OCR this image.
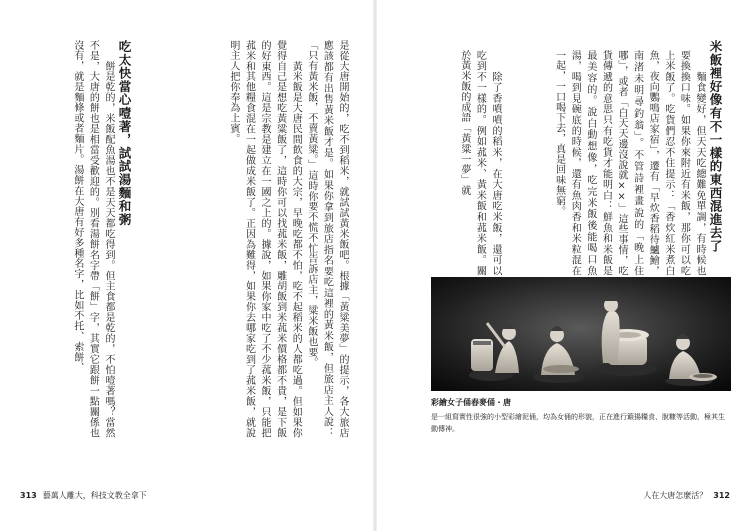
是從大唐開始的，吃不到稻米，就試試黃米飯吧。根據「黃粱美夢」的提示，各大旅店應該都有出售黃米飯才是。如果你拿到旅店指名要吃這裡的黃米飯，但旅店主人說：「只有黃米飯，不賣黃粱。」這時你要不慌不忙告訴店主，粱米飯也要。

　　黃米飯是大唐民間飲食的大宗，早晚吃都不怕，吃不起稻米的人都吃過。但如果你覺得自己是想吃黃粱飯了，這時你可以找菰米飯，雕胡飯到米菰米價格都不貴，是下飯的好東西。這是宗教是建立在一國之上的。據說，如果你家中吃了不少菰米飯，只能把菰米和其他糧食混在一起做成米飯了。正因為難得，如果你去哪家吃到了菰米飯，就說明主人把你奉為上賓。

吃太快當心噎著，試試湯麵和粥

　　餅是乾的，米飯配魚湯也不是天天都吃得到。但主食都是乾的，不怕噎著嗎？當然不是，大唐的餅也是相當受歡迎的。別看湯餅名字帶「餅」字，其實它跟餅一點關係也沒有，就是麵條或者麵片。湯餅在大唐有好多種名字，比如不托、索餅、

313 藝萬人離大，科技文教全拿下
米飯裡好像有不一樣的東西混進去了

　　麵食變好，但天天吃總難免單調，有時候也要換換口味。如果你來附近有米飯，那你可以吃上米飯了。吃貨們忍不住提示：「香炊紅米煮白魚，夜向鸚鳴店家宿」，遷有「早炊香稻待鱸鱠，南渚未明尋釣翁」。不管詩裡畫說的「晚上住哪」，或者「白天天邊沒說就××」這些事情，吃貨傳遞的意思只有吃貨才能明白：鮮魚和米飯是最美容的。說白動想像，吃完米飯後能喝口魚湯，喝到見碗底的時候，還有魚肉香和米粒混在一起，一口喝下去，真是回味無窮。

　　除了香噴噴的稻米，在大唐吃米飯，還可以吃到不一樣的。例如菰米、黃米飯和菰米飯。關於黃米飯的成語「黃粱一夢」就

彩繪女子俑舂麥俑・唐
是一組寫實性很強的小型彩繪泥俑，均為女俑的形貌，正在進行簸揚糧食、脫糠等活動，極其生動傳神。
人在大唐怎麼活？ 312
